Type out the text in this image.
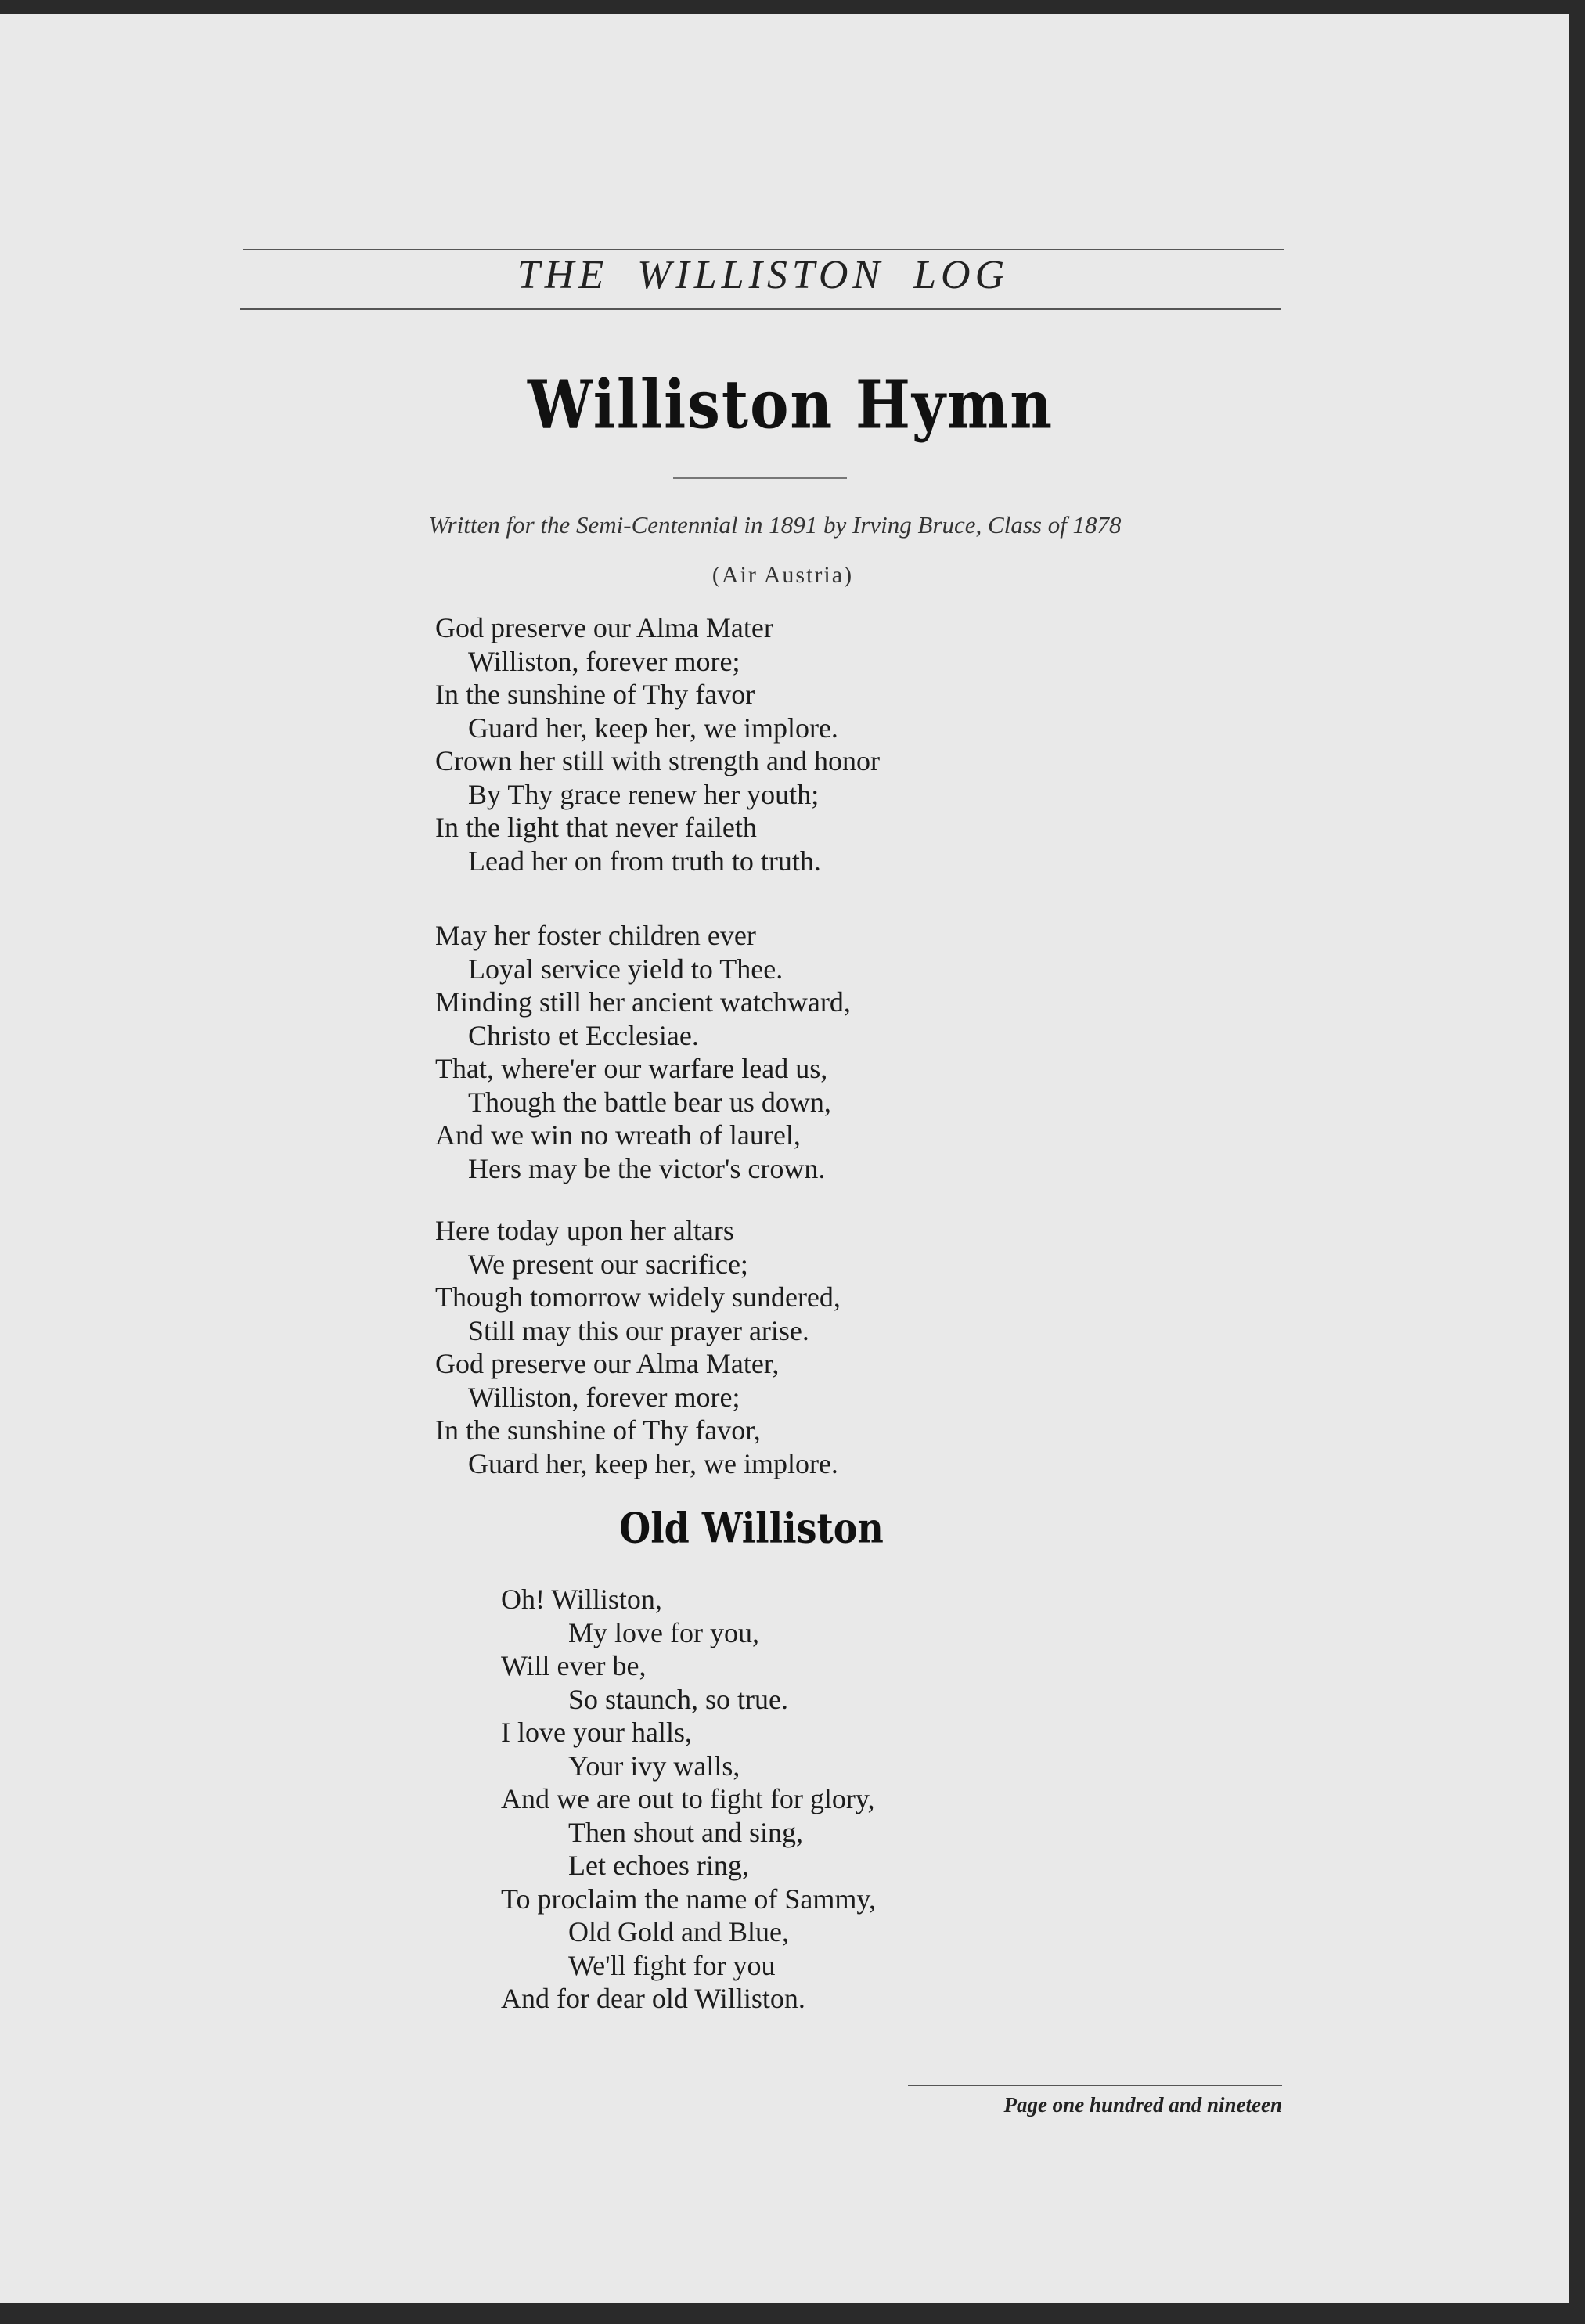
THE WILLISTON LOG
Williston Hymn
Written for the Semi-Centennial in 1891 by Irving Bruce, Class of 1878
(Air Austria)
God preserve our Alma Mater
Williston, forever more;
In the sunshine of Thy favor
Guard her, keep her, we implore.
Crown her still with strength and honor
By Thy grace renew her youth;
In the light that never faileth
Lead her on from truth to truth.
May her foster children ever
Loyal service yield to Thee.
Minding still her ancient watchward,
Christo et Ecclesiae.
That, where'er our warfare lead us,
Though the battle bear us down,
And we win no wreath of laurel,
Hers may be the victor's crown.
Here today upon her altars
We present our sacrifice;
Though tomorrow widely sundered,
Still may this our prayer arise.
God preserve our Alma Mater,
Williston, forever more;
In the sunshine of Thy favor,
Guard her, keep her, we implore.
Old Williston
Oh! Williston,
My love for you,
Will ever be,
So staunch, so true.
I love your halls,
Your ivy walls,
And we are out to fight for glory,
Then shout and sing,
Let echoes ring,
To proclaim the name of Sammy,
Old Gold and Blue,
We'll fight for you
And for dear old Williston.
Page one hundred and nineteen
